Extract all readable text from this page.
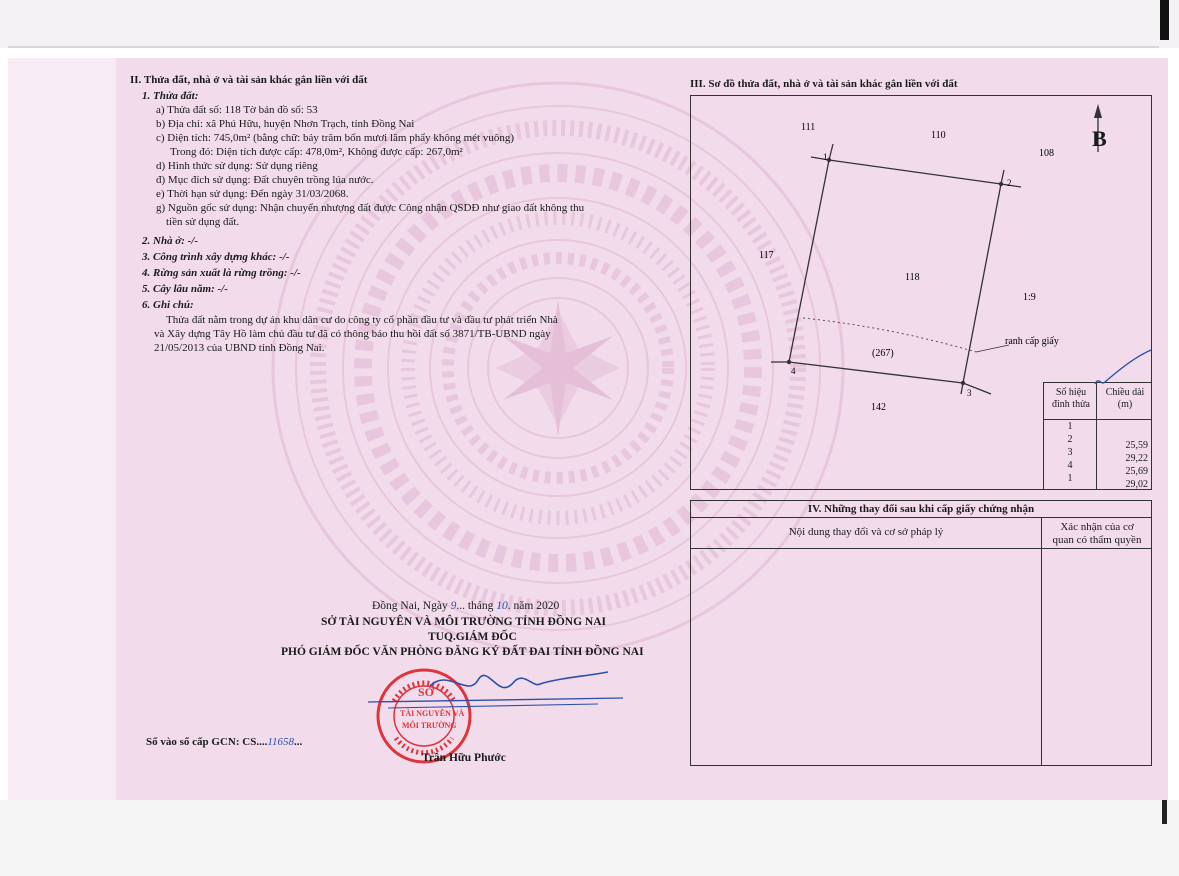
II. Thửa đất, nhà ở và tài sản khác gắn liền với đất
1. Thửa đất:
a) Thửa đất số: 118 Tờ bản đồ số: 53
b) Địa chỉ: xã Phú Hữu, huyện Nhơn Trạch, tỉnh Đồng Nai
c) Diện tích: 745,0m² (bằng chữ: bảy trăm bốn mươi lăm phẩy không mét vuông)
Trong đó: Diện tích được cấp: 478,0m², Không được cấp: 267,0m²
d) Hình thức sử dụng: Sử dụng riêng
đ) Mục đích sử dụng: Đất chuyên trồng lúa nước.
e) Thời hạn sử dụng: Đến ngày 31/03/2068.
g) Nguồn gốc sử dụng: Nhận chuyển nhượng đất được Công nhận QSDĐ như giao đất không thu
tiền sử dụng đất.
2. Nhà ở: -/-
3. Công trình xây dựng khác: -/-
4. Rừng sản xuất là rừng trồng: -/-
5. Cây lâu năm: -/-
6. Ghi chú:
Thửa đất nằm trong dự án khu dân cư do công ty cổ phần đầu tư và đầu tư phát triển Nhà
và Xây dựng Tây Hồ làm chủ đầu tư đã có thông báo thu hồi đất số 3871/TB-UBND ngày
21/05/2013 của UBND tỉnh Đồng Nai.
Đồng Nai, Ngày 9... tháng 10. năm 2020
SỞ TÀI NGUYÊN VÀ MÔI TRƯỜNG TỈNH ĐỒNG NAI
TUQ.GIÁM ĐỐC
PHÓ GIÁM ĐỐC VĂN PHÒNG ĐĂNG KÝ ĐẤT ĐAI TỈNH ĐỒNG NAI
SỞ
TÀI NGUYÊN VÀ
MÔI TRƯỜNG
Trần Hữu Phước
Số vào sổ cấp GCN: CS....11658...
III. Sơ đồ thửa đất, nhà ở và tài sản khác gắn liền với đất
B
111
110
108
117
118
1:9
(267)
ranh cấp giấy
142
1
2
3
4
Số hiệu
đỉnh thửa
Chiều dài
(m)
1
2
25,59
3
29,22
4
25,69
1
29,02
IV. Những thay đổi sau khi cấp giấy chứng nhận
Nội dung thay đổi và cơ sở pháp lý	Xác nhận của cơ
quan có thẩm quyền
